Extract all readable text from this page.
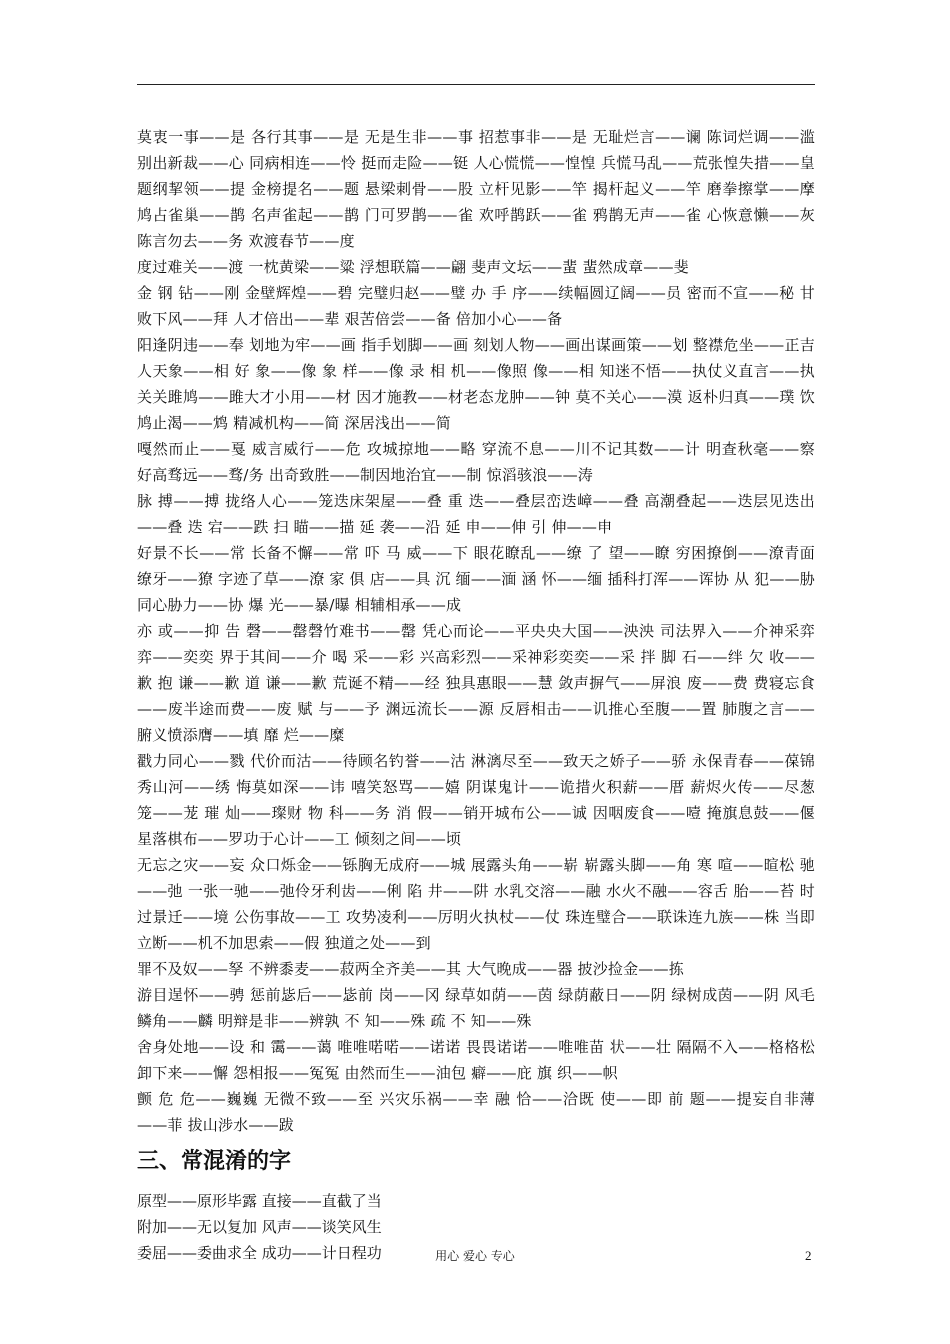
莫衷一事——是 各行其事——是 无是生非——事 招惹事非——是 无耻烂言——谰 陈词烂调——滥别出新裁——心 同病相连——怜 挺而走险——铤 人心慌慌——惶惶 兵慌马乱——荒张惶失措——皇题纲挈领——提 金榜提名——题 悬梁刺骨——股 立杆见影——竿 揭杆起义——竿 磨拳擦掌——摩鸠占雀巢——鹊 名声雀起——鹊 门可罗鹊——雀 欢呼鹊跃——雀 鸦鹊无声——雀 心恢意懒——灰陈言勿去——务 欢渡春节——度

度过难关——渡 一枕黄梁——粱 浮想联篇——翩 斐声文坛——蜚 蜚然成章——斐

金 钢 钻——刚 金壁辉煌——碧 完璧归赵——璧 办 手 序——续幅圆辽阔——员 密而不宣——秘 甘败下风——拜 人才倍出——辈 艰苦倍尝——备 倍加小心——备

阳逢阴违——奉 划地为牢——画 指手划脚——画 刻划人物——画出谋画策——划 整襟危坐——正吉人天象——相 好 象——像 象 样——像 录 相 机——像照 像——相 知迷不悟——执仗义直言——执 关关雎鸠——雎大才小用——材 因才施教——材老态龙肿——钟 莫不关心——漠 返朴归真——璞 饮鸠止渴——鸩 精减机构——简 深居浅出——简

嘎然而止——戛 威言威行——危 攻城掠地——略 穿流不息——川不记其数——计 明查秋毫——察 好高骛远——骛/务 出奇致胜——制因地治宜——制 惊滔骇浪——涛

脉 搏——搏 拢络人心——笼迭床架屋——叠 重 迭——叠层峦迭嶂——叠 高潮叠起——迭层见迭出——叠 迭 宕——跌 扫 瞄——描 延 袭——沿 延 申——伸 引 伸——申

好景不长——常 长备不懈——常 吓 马 威——下 眼花瞭乱——缭 了 望——瞭 穷困撩倒——潦青面缭牙——獠 字迹了草——潦 家 俱 店——具 沉 缅——湎 涵 怀——缅 插科打浑——诨协 从 犯——胁 同心胁力——协 爆 光——暴/曝 相辅相承——成

亦 或——抑 告 磬——罄磬竹难书——罄 凭心而论——平央央大国——泱泱 司法界入——介神采弈弈——奕奕 界于其间——介 喝 采——彩 兴高彩烈——采神彩奕奕——采 拌 脚 石——绊 欠 收——歉 抱 谦——歉 道 谦——歉 荒诞不精——经 独具惠眼——慧 敛声摒气——屏浪 废——费 费寝忘食——废半途而费——废 赋 与——予 渊远流长——源 反唇相击——讥推心至腹——置 肺腹之言——腑义愤添膺——填 靡 烂——糜

戳力同心——戮 代价而沽——待顾名钓誉——沽 淋漓尽至——致天之娇子——骄 永保青春——葆锦秀山河——绣 悔莫如深——讳 嘻笑怒骂——嬉 阴谋鬼计——诡措火积薪——厝 薪烬火传——尽葱 笼——茏 璀 灿——璨财 物 科——务 消 假——销开城布公——诚 因咽废食——噎 掩旗息鼓——偃 星落棋布——罗功于心计——工 倾刻之间——顷

无忘之灾——妄 众口烁金——铄胸无成府——城 展露头角——崭 崭露头脚——角 寒 喧——暄松 驰——弛 一张一驰——弛伶牙利齿——俐 陷 井——阱 水乳交溶——融 水火不融——容舌 胎——苔 时过景迁——境 公伤事故——工 攻势凌利——厉明火执杖——仗 珠连璧合——联诛连九族——株 当即立断——机不加思索——假 独道之处——到

罪不及奴——孥 不辨黍麦——菽两全齐美——其 大气晚成——器 披沙捡金——拣

游目逞怀——骋 惩前毖后——毖前 岗——冈 绿草如荫——茵 绿荫蔽日——阴 绿树成茵——阴 风毛鳞角——麟 明辩是非——辨孰 不 知——殊 疏 不 知——殊

舍身处地——设 和 霭——蔼 唯唯喏喏——诺诺 畏畏诺诺——唯唯苗 状——壮 隔隔不入——格格松卸下来——懈 怨相报——冤冤 由然而生——油包 癖——庇 旗 织——帜

颤 危 危——巍巍 无微不致——至 兴灾乐祸——幸 融 恰——洽既 使——即 前 题——提妄自非薄——菲 拔山涉水——跋

三、常混淆的字

原型——原形毕露 直接——直截了当

附加——无以复加 风声——谈笑风生

委屈——委曲求全 成功——计日程功	用心 爱心 专心	2
